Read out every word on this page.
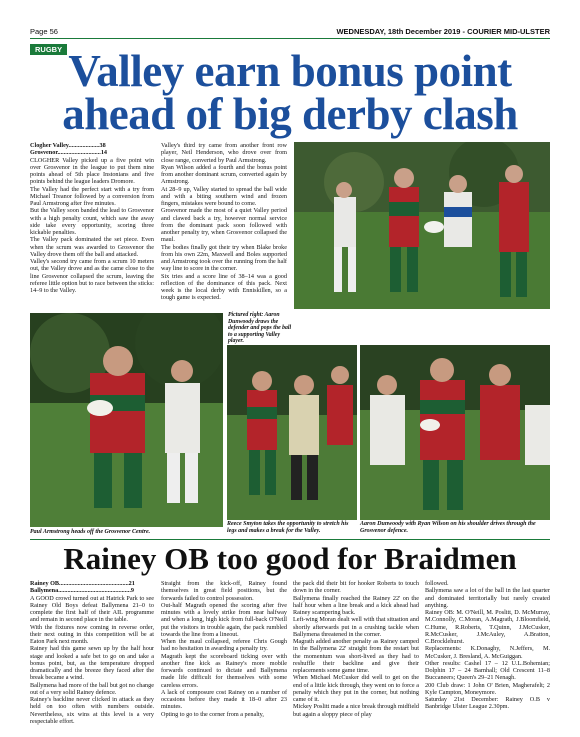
Page 56	WEDNESDAY, 18th December 2019 - COURIER MID-ULSTER
RUGBY Valley earn bonus point ahead of big derby clash

Clogher Valley....................38

Grosvenor............................14

CLOGHER Valley picked up a five point win over Grosvenor in the league to put them nine points ahead of 5th place Instonians and five points behind the league leaders Dromore.

The Valley had the perfect start with a try from Michael Treanor followed by a conversion from Paul Armstrong after five minutes.

But the Valley soon banded the lead to Grosvenor with a high penalty count, which saw the away side take every opportunity, scoring three kickable penalties.

The Valley pack dominated the set piece. Even when the scrum was awarded to Grosvenor the Valley drove them off the ball and attacked.

Valley's second try came from a scrum 10 meters out, the Valley drove and as the came close to the line Grosvenor collapsed the scrum, leaving the referee little option but to race between the sticks: 14–9 to the Valley.

Valley's third try came from another front row player, Neil Henderson, who drove over from close range, converted by Paul Armstrong.

Ryan Wilson added a fourth and the bonus point from another dominant scrum, converted again by Armstrong.

At 28–9 up, Valley started to spread the ball wide and with a biting southern wind and frozen fingers, mistakes were bound to come.

Grosvenor made the most of a quiet Valley period and clawed back a try, however normal service from the dominant pack soon followed with another penalty try, when Grosvenor collapsed the maul.

The bodies finally got their try when Blake broke from his own 22m, Maxwell and Boles supported and Armstrong took over the running from the half way line to score in the corner.

Six tries and a score line of 38–14 was a good reflection of the dominance of this pack. Next week is the local derby with Enniskillen, so a tough game is expected.

Pictured right: Aaron Dunwoody draws the defender and pops the ball to a supporting Valley player.
Paul Armstrong heads off the Grosvenor Centre.
Reece Smyton takes the opportunity to stretch his legs and makes a break for the Valley.
Aaron Dunwoody with Ryan Wilson on his shoulder drives through the Grosvenor defence.
Rainey OB too good for Braidmen

Rainey OB.............................................21

Ballymena...............................................9

A GOOD crowd turned out at Hatrick Park to see Rainey Old Boys defeat Ballymena 21–0 to complete the first half of their AIL programme and remain in second place in the table.

With the fixtures now coming in reverse order, their next outing in this competition will be at Eaton Park next month.

Rainey had this game sewn up by the half hour stage and looked a safe bet to go on and take a bonus point, but, as the temperature dropped dramatically and the breeze they faced after the break became a wind.

Ballymena had more of the ball but got no change out of a very solid Rainey defence.

Rainey's backline never clicked in attack as they held on too often with numbers outside. Nevertheless, six wins at this level is a very respectable effort.

Straight from the kick-off, Rainey found themselves in great field positions, but the forwards failed to control possession.

Out-half Magrath opened the scoring after five minutes with a lovely strike from near halfway and when a long, high kick from full-back O'Neill put the visitors in trouble again, the pack rumbled towards the line from a lineout.

When the maul collapsed, referee Chris Gough had no hesitation in awarding a penalty try.

Magrath kept the scoreboard ticking over with another fine kick as Rainey's more mobile forwards continued to dictate and Ballymena made life difficult for themselves with some careless errors.

A lack of composure cost Rainey on a number of occasions before they made it 18–0 after 23 minutes.

Opting to go to the corner from a penalty,

the pack did their bit for hooker Roberts to touch down in the corner.

Ballymena finally reached the Rainey 22' on the half hour when a line break and a kick ahead had Rainey scampering back.

Left-wing Moran dealt well with that situation and shortly afterwards put in a crushing tackle when Ballymena threatened in the corner.

Magrath added another penalty as Rainey camped in the Ballymena 22' straight from the restart but the momentum was short-lived as they had to reshuffle their backline and give their replacements some game time.

When Michael McCusker did well to get on the end of a little kick through, they went on to force a penalty which they put in the corner, but nothing came of it.

Mickey Poslitt made a nice break through midfield but again a sloppy piece of play

followed.

Ballymena saw a lot of the ball in the last quarter and dominated territorially but rarely created anything.

Rainey OB: M. O'Neill, M. Poslitt, D. McMurray, M.Connolly, C.Moran, A.Magrath, J.Bloomfield, C.Hume, R.Roberts, T.Quinn, J.McCusker, R.McCusker, J.McAuley, A.Bratton, C.Brocklehurst.

Replacements: K.Donaghy, N.Jeffers, M. McCusker, J. Bresland, A. McGuiggan.

Other results: Cashel 17 – 12 U.L.Bohemian; Dolphin 17 – 24 Barnhall; Old Crescent 11–8 Buccaneers; Queen's 29–21 Nenagh.

200 Club draw: 1 John O' Brien, Magherafelt; 2 Kyle Campton, Moneymore.

Saturday 21st December: Rainey O.B v Banbridge Ulster League 2.30pm.
